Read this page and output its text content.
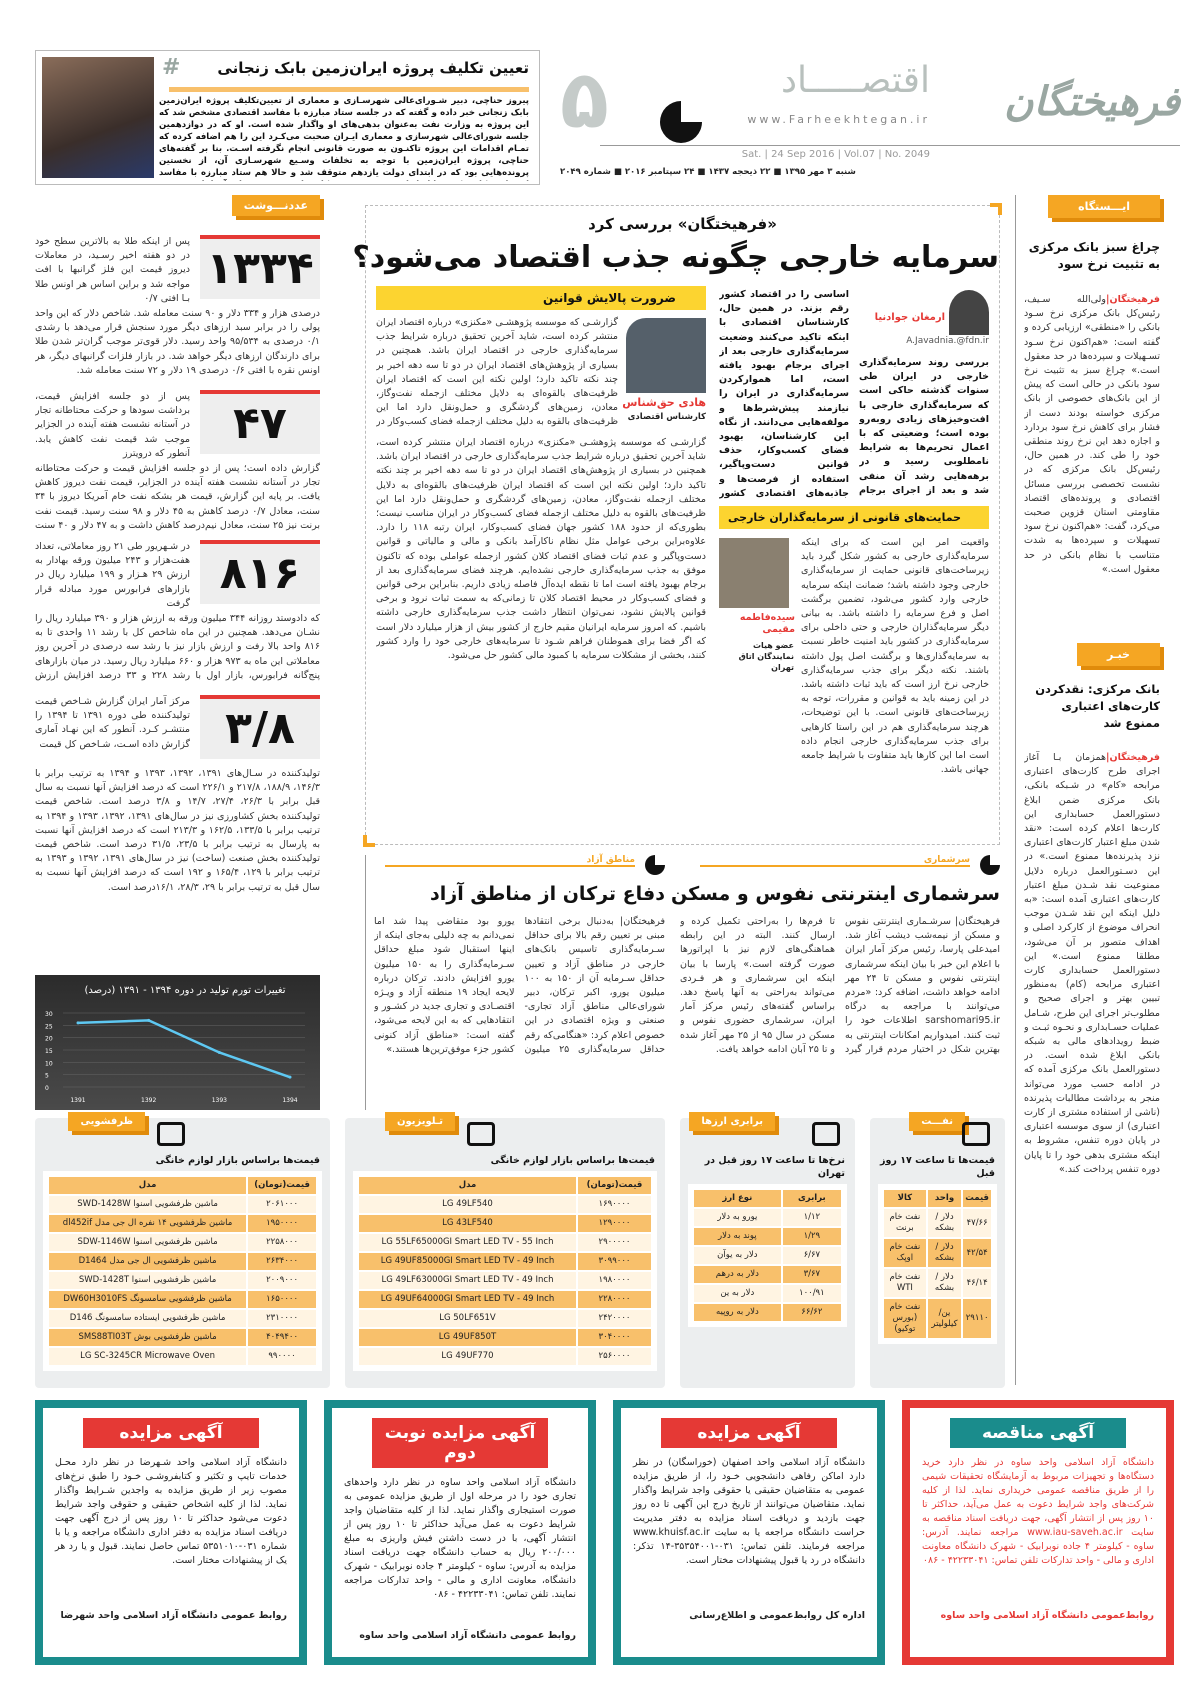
فرهیختگان
اقتصـــــاد
۵	www.Farheekhtegan.ir
Sat. | 24 Sep 2016 | Vol.07 | No. 2049
شنبه ۳ مهر ۱۳۹۵ ■ ۲۲ ذیحجه ۱۴۳۷ ■ ۲۴ سپتامبر ۲۰۱۶ ■ شماره ۲۰۴۹
# تعیین تکلیف پروژه ایران‌زمین بابک زنجانی
پیروز حناچی، دبیر شـورای‌عالی شهرسـازی و معماری از تعیین‌تکلیف پروژه ایران‌زمین بابک زنجانی خبر داده و گفته که در جلسه ستاد مبارزه با مفاسد اقتصادی مشخص شد که این پروژه به وزارت نفت به‌عنوان بدهی‌های او واگذار شده است. او که در دوازدهمین جلسه شورای‌عالی شهرسازی و معماری ایـران صحبت می‌کـرد این را هم اضافه کرده که تمـام اقدامات این پروژه تاکنـون به صورت قانونی انجام نگرفته اسـت. بنا بر گفته‌های حناچی، پروژه ایران‌زمین با توجه به تخلفات وسـیع شهرسـازی آن، از نخستین پرونده‌هایی بود که در ابتدای دولت یازدهم متوقف شد و حالا هم ستاد مبارزه با مفاسد
عددنـــوشت
۱۳۳۴
پس از اینکه طلا به بالاترین سطح خود در دو هفته اخیر رسـید، در معاملات دیروز قیمت این فلز گرانبها با افت مواجه شد و براین اساس هر اونس طلا بـا افتی ۰/۷
درصدی هزار و ۳۳۴ دلار و ۹۰ سنت معامله شد. شاخص دلار که این واحد پولی را در برابر سبد ارزهای دیگر مورد سنجش قرار می‌دهد با رشدی ۰/۱ درصدی به ۹۵/۵۳۴ واحد رسید. دلار قوی‌تر موجب گران‌تر شدن طلا برای دارندگان ارزهای دیگر خواهد شد. در بازار فلزات گرانبهای دیگر، هر اونس نقره با افتی ۰/۶ درصدی ۱۹ دلار و ۷۲ سنت معامله شد.
۴۷
پس از دو جلسه افزایش قیمت، برداشت سودها و حرکت محتاطانه تجار در آستانه نشست هفته آینده در الجزایر موجب شد قیمت نفت کاهش یابد. آنطور که درویترز
گزارش داده است؛ پس از دو جلسه افزایش قیمت و حرکت محتاطانه تجار در آستانه نشست هفته آینده در الجزایر، قیمت نفت دیروز کاهش یافت. بر پایه این گزارش، قیمت هر بشکه نفت خام آمریکا دیروز با ۳۴ سنت، معادل ۰/۷ درصد کاهش به ۴۵ دلار و ۹۸ سنت رسید. قیمت نفت برنت نیز ۲۵ سنت، معادل نیم‌درصد کاهش داشت و به ۴۷ دلار و ۴۰ سنت
۸۱۶
در شـهریور طی ۲۱ روز معاملاتی، تعداد هفت‌هزار و ۲۴۳ میلیون ورقه بهادار به ارزش ۲۹ هـزار و ۱۹۹ میلیارد ریال در بازارهای فرابورس مورد مبادله قرار گرفت
که دادوستد روزانه ۳۴۴ میلیون ورقه به ارزش هزار و ۳۹۰ میلیارد ریال را نشـان می‌دهد. همچنین در این ماه شاخص کل با رشد ۱۱ واحدی تا به ۸۱۶ واحد بالا رفت و ارزش بازار نیز با رشد سه درصدی در آخرین روز معاملاتی این ماه به ۹۷۳ هزار و ۶۶۰ میلیارد ریال رسید. در میان بازارهای پنج‌گانه فرابورس، بازار اول با رشد ۲۲۸ و ۳۳ درصد افزایش ارزش
۳/۸
مرکز آمار ایران گزارش شـاخص قیمت تولیدکننده طی دوره ۱۳۹۱ تا ۱۳۹۴ را منتشـر کـرد. آنطور که این نهـاد آماری گزارش داده اسـت، شـاخص کل قیمت
تولیدکننده در سـال‌های ۱۳۹۱، ۱۳۹۲، ۱۳۹۳ و ۱۳۹۴ به ترتیب برابر با ۱۴۶/۳، ۱۸۸/۹، ۲۱۷/۸ و ۲۲۶/۱ است که درصد افزایش آنها نسبت به سال قبل برابر با ۲۶/۳، ۲۷/۴، ۱۴/۷ و ۳/۸ درصد است. شاخص قیمت تولیدکننده بخش کشاورزی نیز در سال‌های ۱۳۹۱، ۱۳۹۲، ۱۳۹۳ و ۱۳۹۴ به ترتیب برابر با ۱۳۳/۵، ۱۶۲/۵ و ۲۱۳/۳ است که درصد افزایش آنها نسبت به پارسال به ترتیب برابر با ۲۳/۵، ۳۱/۵ درصد است. شاخص قیمت تولیدکننده بخش صنعت (ساخت) نیز در سال‌های ۱۳۹۱، ۱۳۹۲ و ۱۳۹۳ به ترتیب برابر با ۱۲۹، ۱۶۵/۴ و ۱۹۲ است که درصد افزایش آنها نسبت به سال قبل به ترتیب برابر با ۲۹، ۲۸/۳، ۱۶/۱درصد است.
تغییرات تورم تولید در دوره ۱۳۹۴ - ۱۳۹۱ (درصد)
0
5
10
15
20
25
30
1391	1392	1393	1394
«فرهیختگان» بررسی کرد
سرمایه خارجی چگونه جذب اقتصاد می‌شود؟
ارمغان جوادنیا
A.Javadnia.@fdn.ir
بررسی روند سرمایه‌گذاری خارجی در ایران طی سنوات گذشته حاکی است که سرمایه‌گذاری خارجی با افت‌وخیزهای زیادی روبه‌رو بوده است؛ وضعیتی که با اعمال تحریم‌ها به شرایط نامطلوبی رسید و در برهه‌هایی رشد آن منفی شد و بعد از اجرای برجام
اساسی را در اقتصاد کشور رقم بزند. در همین حال، کارشناسان اقتصادی با اینکه تاکید می‌کنند وضعیت سرمایه‌گذاری خارجی بعد از اجرای برجام بهبود یافته است، اما هموارکردن سرمایه‌گذاری در ایران را نیازمند پیش‌شرط‌ها و مولفه‌هایی می‌دانند. از نگاه این کارشناسان، بهبود فضای کسب‌وکار، حذف قوانین دست‌وپاگیر، استفاده از فرصت‌ها و جاذبه‌های اقتصادی کشور
ضرورت پالایش قوانین
هادی حق‌شناس
کارشناس اقتصادی
گزارشـی که موسسه پژوهشـی «مکنزی» درباره اقتصاد ایران منتشر کرده است، شاید آخرین تحقیق درباره شرایط جذب سرمایه‌گذاری خارجی در اقتصاد ایران باشد. همچنین در بسیاری از پژوهش‌های اقتصاد ایران در دو تا سه دهه اخیر بر چند نکته تاکید دارد؛ اولین نکته این است که اقتصاد ایران ظرفیت‌های بالقوه‌ای به دلایل مختلف ازجمله نفت‌وگاز، معادن، زمین‌های گردشگری و حمل‌ونقل دارد اما این ظرفیت‌های بالقوه به دلیل مختلف ازجمله فضای کسب‌وکار در
گزارشـی که موسسه پژوهشـی «مکنزی» درباره اقتصاد ایران منتشر کرده است، شاید آخرین تحقیق درباره شرایط جذب سرمایه‌گذاری خارجی در اقتصاد ایران باشد. همچنین در بسیاری از پژوهش‌های اقتصاد ایران در دو تا سه دهه اخیر بر چند نکته تاکید دارد؛ اولین نکته این است که اقتصاد ایران ظرفیت‌های بالقوه‌ای به دلایل مختلف ازجمله نفت‌وگاز، معادن، زمین‌های گردشگری و حمل‌ونقل دارد اما این ظرفیت‌های بالقوه به دلیل مختلف ازجمله فضای کسب‌وکار در ایران مناسب نیست؛ بطوری‌که از حدود ۱۸۸ کشور جهان فضای کسب‌وکار، ایران رتبه ۱۱۸ را دارد. علاوه‌براین برخی عوامل مثل نظام ناکارآمد بانکی و مالی و مالیاتی و قوانین دست‌وپاگیر و عدم ثبات فضای اقتصاد کلان کشور ازجمله عواملی بوده که تاکنون موفق به جذب سرمایه‌گذاری خارجی نشده‌ایم. هرچند فضای سرمایه‌گذاری بعد از برجام بهبود یافته است اما تا نقطه ایده‌آل فاصله زیادی داریم. بنابراین برخی قوانین و فضای کسب‌وکار در محیط اقتصاد کلان تا زمانی‌که به سمت ثبات نرود و برخی قوانین پالایش نشود، نمی‌توان انتظار داشت جذب سرمایه‌گذاری خارجی داشته باشیم. که امروز سرمایه ایرانیان مقیم خارج از کشور بیش از هزار میلیارد دلار است که اگر فضا برای هموطنان فراهم شـود تا سرمایه‌های خارجی خود را وارد کشور کنند، بخشی از مشکلات سرمایه با کمبود مالی کشور حل می‌شود.
حمایت‌های قانونی از سرمایه‌گذاران خارجی
سیده‌فاطمه مقیمی
عضو هیات نمایندگان اتاق تهران
واقعیت امر این است که برای اینکه سرمایه‌گذاری خارجی به کشور شکل گیرد باید زیرساخت‌های قانونی حمایت از سرمایه‌گذاری خارجی وجود داشته باشد؛ ضمانت اینکه سرمایه خارجی وارد کشور می‌شود، تضمین برگشت اصل و فرع سرمایه را داشته باشد. به بیانی دیگر سرمایه‌گذاران خارجی و حتی داخلی برای سرمایه‌گذاری در کشور باید امنیت خاطر نسبت به سرمایه‌گذاری‌ها و برگشت اصل پول داشته باشند. نکته دیگر برای جذب سرمایه‌گذاری خارجی نرخ ارز است که باید ثبات داشته باشد. در این زمینه باید به قوانین و مقررات، توجه به زیرساخت‌های قانونی است. با این توضیحات، هرچند سرمایه‌گذاری هم در این راستا کارهایی برای جذب سرمایه‌گذاری خارجی انجام داده است اما این کارها باید متفاوت با شرایط جامعه جهانی باشد.
مناطق آزاد
دفاع ترکان از مناطق آزاد
فرهیختگان| به‌دنبال برخی انتقادها مبنی بر تعیین رقم بالا برای حداقل سـرمایه‌گذاری تاسیس بانک‌های خارجی در مناطق آزاد و تعیین حداقل سـرمایه آن از ۱۵۰ به ۱۰۰ میلیون یورو، اکبر ترکان، دبیر شورای‌عالی مناطق آزاد تجاری-صنعتی و ویژه اقتصادی در این خصوص اعلام کرد: «هنگامی‌که رقم حداقل سرمایه‌گذاری ۲۵ میلیون یورو بود متقاضی پیدا شد اما نمی‌دانم به چه دلیلی به‌جای اینکه از اینها استقبال شود مبلغ حداقل سـرمایه‌گذاری را به ۱۵۰ میلیون یورو افزایش دادند. ترکان درباره لایحه ایجاد ۱۹ منطقه آزاد و ویـژه اقتصـادی و تجاری جدید در کشـور و انتقادهایی که به این لایحه می‌شود، گفته است: «مناطق آزاد کنونی کشور جزء موفق‌ترین‌ها هستند.»
سرشماری
سرشماری اینترنتی نفوس و مسکن
فرهیختگان| سرشـماری اینترنتی نفوس و مسکن از نیمه‌شب دیشب آغاز شد. امیدعلی پارسا، رئیس مرکز آمار ایران با اعلام این خبر با بیان اینکه سرشماری اینترنتی نفوس و مسکن تا ۲۴ مهر ادامه خواهد داشت، اضافه کرد: «مردم می‌توانند با مراجعه به درگاه sarshomari95.ir اطلاعات خود را ثبت کنند. امیدواریم امکانات اینترنتی به بهترین شکل در اختیار مردم قرار گیرد تا فرم‌ها را به‌راحتی تکمیل کرده و ارسال کنند. البته در این رابطه هماهنگی‌های لازم نیز با اپراتورها صورت گرفته است.» پارسا با بیان اینکه این سرشماری و هر فـردی می‌تواند به‌راحتی به آنها پاسخ دهد. براساس گفته‌های رئیس مرکز آمار ایران، سرشماری حضوری نفوس و مسکن در سال ۹۵ از ۲۵ مهر آغاز شده و تا ۲۵ آبان ادامه خواهد یافت.
ایـــستگاه
چراغ سبز بانک مرکزی به تثبیت نرخ سود
فرهیختگان|ولی‌الله سـیف، رئیس‌کل بانک مرکزی نرخ سـود بانکی را «منطقی» ارزیابی کرده و گفته است: «هم‌اکنون نرخ سـود تسـهیلات و سپرده‌ها در حد معقول است.» چراغ سبز به تثبیت نرخ سود بانکی در حالی است که پیش از این بانک‌های خصوصی از بانک مرکزی خواسته بودند دست از فشار برای کاهش نرخ سود بردارد و اجازه دهد این نرخ روند منطقی خود را طی کند. در همین حال، رئیس‌کل بانک مرکزی که در نشست تخصصی بررسی مسائل اقتصادی و پرونده‌های اقتصاد مقاومتی استان قزوین صحبت می‌کرد، گفت: «هم‌اکنون نرخ سود تسهیلات و سپرده‌ها به شدت متناسب با نظام بانکی در حد معقول است.»
خبـر
بانک مرکزی: نقدکردن کارت‌های اعتباری ممنوع شد
فرهیختگان|همزمان بـا آغاز اجرای طرح کارت‌های اعتباری مرابحه «کام» در شـبکه بانکی، بانک مرکزی ضمن ابلاغ دستورالعمل حسابداری این کارت‌ها اعلام کرده است: «نقد شدن مبلغ اعتبار کارت‌های اعتباری نزد پذیرنده‌ها ممنوع است.» در این دسـتورالعمل درباره دلایل ممنوعیت نقد شـدن مبلغ اعتبار کارت‌های اعتباری آمده است: «به دلیل اینکه این نقد شـدن موجب انحراف موضوع از کارکرد اصلی و اهداف متصور بر آن می‌شود، مطلقا ممنوع است.» این دستورالعمل حسابداری کارت اعتباری مرابحه (کام) به‌منظور تبیین بهتر و اجرای صحیح و مطلوب‌تر اجرای این طرح، شـامل عملیات حسـابداری و نحـوه ثبـت و ضبط رویدادهای مالی به شبکه بانکی ابلاغ شده است. در دستورالعمل بانک مرکزی آمده که در ادامه حسب مورد می‌تواند منجر به برداشت مطالبات پذیرنده (ناشی از استفاده مشتری از کارت اعتباری) از سوی موسسه اعتباری در پایان دوره تنفس، مشروط به اینکه مشتری بدهی خود را تا پایان دوره تنفس پرداخت کند.»
ظرفشویی
قیمت‌ها براساس بازار لوازم خانگی
قیمت(تومان)	مدل
۲۰۶۱۰۰۰	ماشین ظرفشویی اسنوا SWD-1428W
۱۹۵۰۰۰۰	ماشین ظرفشویی ۱۴ نفره ال جی مدل dl452if
۲۲۵۸۰۰۰	ماشین ظرفشویی اسنوا SDW-1146W
۲۶۳۴۰۰۰	ماشین ظرفشویی ال جی مدل D1464
۲۰۰۹۰۰۰	ماشین ظرفشویی اسنوا SWD-1428T
۱۶۵۰۰۰۰	ماشین ظرفشویی سامسونگ DW60H3010FS
۲۳۱۰۰۰۰	ماشین ظرفشویی ایستاده سامسونگ D146
۴۰۴۹۴۰۰	ماشین ظرفشویی بوش SMS88TI03T
۹۹۰۰۰۰	LG SC-3245CR Microwave Oven
تـلویزیون
قیمت‌ها براساس بازار لوازم خانگی
قیمت(تومان)	مدل
۱۶۹۰۰۰۰	LG 49LF540
۱۲۹۰۰۰۰	LG 43LF540
۲۹۰۰۰۰۰	LG 55LF65000GI Smart LED TV - 55 Inch
۳۰۹۹۰۰۰	LG 49UF85000GI Smart LED TV - 49 Inch
۱۹۸۰۰۰۰	LG 49LF63000GI Smart LED TV - 49 Inch
۲۲۸۰۰۰۰	LG 49UF64000GI Smart LED TV - 49 Inch
۲۴۲۰۰۰۰	LG 50LF651V
۳۰۴۰۰۰۰	LG 49UF850T
۲۵۶۰۰۰۰	LG 49UF770
برابری ارزها
نرخ‌ها تا ساعت ۱۷ روز قبل در تهران
برابری	نوع ارز
۱/۱۲	یورو به دلار
۱/۲۹	پوند به دلار
۶/۶۷	دلار به یوآن
۳/۶۷	دلار به درهم
۱۰۰/۹۱	دلار به ین
۶۶/۶۲	دلار به روپیه
نفـــت
قیمت‌ها تا ساعت ۱۷ روز قبل
قیمت	واحد	کالا
۴۷/۶۶	دلار / بشکه	نفت خام برنت
۴۲/۵۴	دلار / بشکه	نفت خام اوپک
۴۶/۱۴	دلار / بشکه	نفت خام WTI
۲۹۱۱۰	ین/ کیلولیتر	نفت خام (بورس توکیو)
آگهی مزایده
دانشگاه آزاد اسلامی واحد شـهرضا در نظر دارد محـل خدمات تایپ و تکثیر و کتابفروشـی خـود را طبق نرخ‌های مصوب زیر از طریق مزایده به واجدین شـرایط واگذار نماید. لذا از کلیه اشخاص حقیقی و حقوقی واجد شرایط دعوت می‌شود حداکثر تا ۱۰ روز پس از درج آگهی جهت دریافت اسناد مزایده به دفتر اداری دانشگاه مراجعه و یا با شماره ۰۳۱-۵۳۵۱۰۱۰ تماس حاصل نمایند. قبول و یا رد هر یک از پیشنهادات مختار است.
روابط عمومی دانشگاه آزاد اسلامی واحد شهرضا
آگهی مزایده نوبت دوم
دانشگاه آزاد اسلامی واحد ساوه در نظر دارد واحدهای تجاری خود را در مرحله اول از طریق مزایده عمومی به صورت استیجاری واگذار نماید. لذا از کلیه متقاضیان واجد شرایط دعوت به عمل می‌آید حداکثر تا ۱۰ روز پس از انتشار آگهی، با در دست داشتن فیش واریزی به مبلغ ۲۰۰/۰۰۰ ریال به حساب دانشگاه جهت دریافت اسناد مزایده به آدرس: ساوه - کیلومتر ۴ جاده نوبرابیک - شهرک دانشگاه، معاونت اداری و مالی - واحد تدارکات مراجعه نمایند. تلفن تماس: ۴۲۲۳۳۰۴۱ - ۰۸۶
روابط عمومی دانشگاه آزاد اسلامی واحد ساوه
آگهی مزایده
دانشگاه آزاد اسلامی واحد اصفهان (خوراسگان) در نظر دارد اماکن رفاهی دانشجویی خـود را، از طریق مزایده عمومی به متقاضیان حقیقی یا حقوقی واجد شرایط واگذار نماید. متقاضیان می‌توانند از تاریخ درج این آگهی تا ده روز جهت بازدید و دریافت اسناد مزایده به دفتر مدیریت حراست دانشگاه مراجعه یا به سایت www.khuisf.ac.ir مراجعه فرمایند. تلفن تماس: ۰۳۱-۳۵۳۵۴۰۰۱-۱۴ تذکر: دانشگاه در رد یا قبول پیشنهادات مختار است.
اداره کل روابط‌عمومی و اطلاع‌رسانی
آگهی مناقصه
دانشگاه آزاد اسلامی واحد ساوه در نظر دارد خرید دستگاه‌ها و تجهیزات مربوط به آزمایشگاه تحقیقات شیمی را از طریق مناقصه عمومی خریداری نماید. لذا از کلیه شرکت‌های واجد شرایط دعوت به عمل می‌آید، حداکثر تا ۱۰ روز پس از انتشار آگهی، جهت دریافت اسناد مناقصه به سایت www.iau-saveh.ac.ir مراجعه نمایند. آدرس: ساوه - کیلومتر ۴ جاده نوبرابیک - شهرک دانشگاه معاونت اداری و مالی - واحد تدارکات تلفن تماس: ۴۲۲۳۳۰۴۱ - ۰۸۶
روابط‌عمومی دانشگاه آزاد اسلامی واحد ساوه
